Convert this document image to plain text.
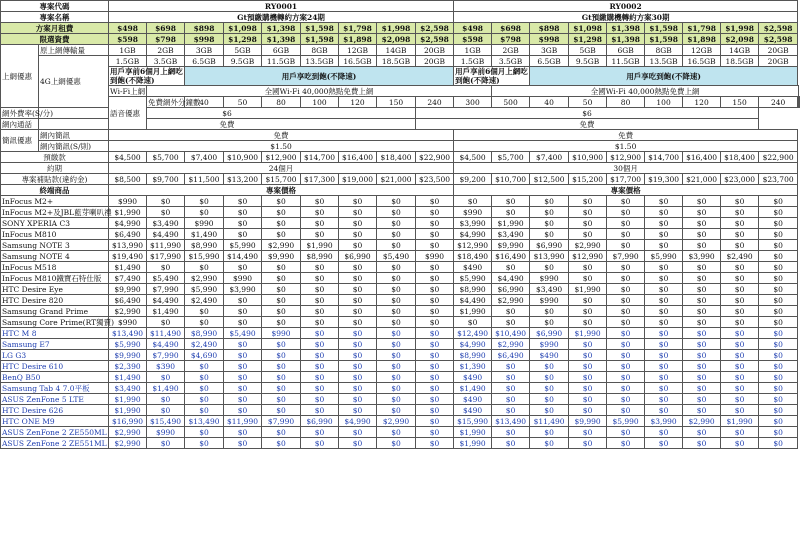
專案代碼		RY0001									RY0002									
專案名稱		Gt預繳購機轉約方案24期									Gt預繳購機轉約方案30期									
方案月租費		$498	$698	$898	$1,098	$1,398	$1,598	$1,798	$1,998	$2,598	$498	$698	$898	$1,098	$1,398	$1,598	$1,798	$1,998	$2,598	
限選資費		$598	$798	$998	$1,298	$1,398	$1,598	$1,898	$2,098	$2,598	$598	$798	$998	$1,298	$1,398	$1,598	$1,898	$2,098	$2,598	
上網優惠	原上網傳輸量	1GB	2GB	3GB	5GB	6GB	8GB	12GB	14GB	20GB	1GB	2GB	3GB	5GB	6GB	8GB	12GB	14GB	20GB	
	4G上網優惠	1.5GB	3.5GB	6.5GB	9.5GB	11.5GB	13.5GB	16.5GB	18.5GB	20GB	1.5GB	3.5GB	6.5GB	9.5GB	11.5GB	13.5GB	16.5GB	18.5GB	20GB	
		用戶享前6個月上網吃到飽(不降速)		用戶享吃到飽(不降速)							用戶享前6個月上網吃到飽(不降速)		用戶享吃到飽(不降速)							
		Wi-Fi上網	全國Wi-Fi 40,000熱點免費上網									全國Wi-Fi 40,000熱點免費上網								
		語音優惠	免費網外分鐘數	40	50	80	100	120	150	240	300	500	40	50	80	100	120	150	240		
網外費率(S/分)	$6									$6										
網內通話	免費									免費										
簡訊優惠	網內簡訊	免費									免費									
	網內簡訊(S/則)	$1.50									$1.50									
預繳款		$4,500	$5,700	$7,400	$10,900	$12,900	$14,700	$16,400	$18,400	$22,900	$4,500	$5,700	$7,400	$10,900	$12,900	$14,700	$16,400	$18,400	$22,900	
約期		24個月									30個月									
專案補貼款(違約金)		$8,500	$9,700	$11,500	$13,200	$15,700	$17,300	$19,000	$21,000	$23,500	$9,200	$10,700	$12,500	$15,200	$17,700	$19,300	$21,000	$23,000	$23,700	
終端商品		專案價格									專案價格									
InFocus M2+		$990	$0	$0	$0	$0	$0	$0	$0	$0	$0	$0	$0	$0	$0	$0	$0	$0	$0	
InFocus M2+及JBL藍芽喇叭禮		$1,990	$0	$0	$0	$0	$0	$0	$0	$0	$990	$0	$0	$0	$0	$0	$0	$0	$0	
SONY XPERIA C3		$4,990	$3,490	$990	$0	$0	$0	$0	$0	$0	$3,990	$1,990	$0	$0	$0	$0	$0	$0	$0	
InFocus M810		$6,490	$4,490	$1,490	$0	$0	$0	$0	$0	$0	$4,990	$3,490	$0	$0	$0	$0	$0	$0	$0	
Samsung NOTE 3		$13,990	$11,990	$8,990	$5,990	$2,990	$1,990	$0	$0	$0	$12,990	$9,990	$6,990	$2,990	$0	$0	$0	$0	$0	
Samsung NOTE 4		$19,490	$17,990	$15,990	$14,490	$9,990	$8,990	$6,990	$5,490	$990	$18,490	$16,490	$13,990	$12,990	$7,990	$5,990	$3,990	$2,490	$0	
InFocus M518		$1,490	$0	$0	$0	$0	$0	$0	$0	$0	$490	$0	$0	$0	$0	$0	$0	$0	$0	
InFocus M810鐵寶石特仕版		$7,490	$5,490	$2,990	$990	$0	$0	$0	$0	$0	$5,990	$4,490	$990	$0	$0	$0	$0	$0	$0	
HTC Desire Eye		$9,990	$7,990	$5,990	$3,990	$0	$0	$0	$0	$0	$8,990	$6,990	$3,490	$1,990	$0	$0	$0	$0	$0	
HTC Desire 820		$6,490	$4,490	$2,490	$0	$0	$0	$0	$0	$0	$4,490	$2,990	$990	$0	$0	$0	$0	$0	$0	
Samsung Grand Prime		$2,990	$1,490	$0	$0	$0	$0	$0	$0	$0	$1,990	$0	$0	$0	$0	$0	$0	$0	$0	
Samsung Core Prime(RT獨賣)		$990	$0	$0	$0	$0	$0	$0	$0	$0	$0	$0	$0	$0	$0	$0	$0	$0	$0	
HTC M 8		$13,490	$11,490	$8,990	$5,490	$990	$0	$0	$0	$0	$12,490	$10,490	$6,990	$1,990	$0	$0	$0	$0	$0	
Samsung E7		$5,990	$4,490	$2,490	$0	$0	$0	$0	$0	$0	$4,990	$2,990	$990	$0	$0	$0	$0	$0	$0	
LG G3		$9,990	$7,990	$4,690	$0	$0	$0	$0	$0	$0	$8,990	$6,490	$490	$0	$0	$0	$0	$0	$0	
HTC Desire 610		$2,390	$390	$0	$0	$0	$0	$0	$0	$0	$1,390	$0	$0	$0	$0	$0	$0	$0	$0	
BenQ B50		$1,490	$0	$0	$0	$0	$0	$0	$0	$0	$490	$0	$0	$0	$0	$0	$0	$0	$0	
Samsung Tab 4 7.0平板		$3,490	$1,490	$0	$0	$0	$0	$0	$0	$0	$1,490	$0	$0	$0	$0	$0	$0	$0	$0	
ASUS ZenFone 5 LTE		$1,990	$0	$0	$0	$0	$0	$0	$0	$0	$490	$0	$0	$0	$0	$0	$0	$0	$0	
HTC Desire 626		$1,990	$0	$0	$0	$0	$0	$0	$0	$0	$490	$0	$0	$0	$0	$0	$0	$0	$0	
HTC ONE M9		$16,990	$15,490	$13,490	$11,990	$7,990	$6,990	$4,990	$2,990	$0	$15,990	$13,490	$11,490	$9,990	$5,990	$3,990	$2,990	$1,990	$0	
ASUS ZenFone 2 ZE550ML		$2,990	$990	$0	$0	$0	$0	$0	$0	$0	$1,990	$0	$0	$0	$0	$0	$0	$0	$0	
ASUS ZenFone 2 ZE551ML		$2,990	$0	$0	$0	$0	$0	$0	$0	$0	$1,990	$0	$0	$0	$0	$0	$0	$0	$0	
